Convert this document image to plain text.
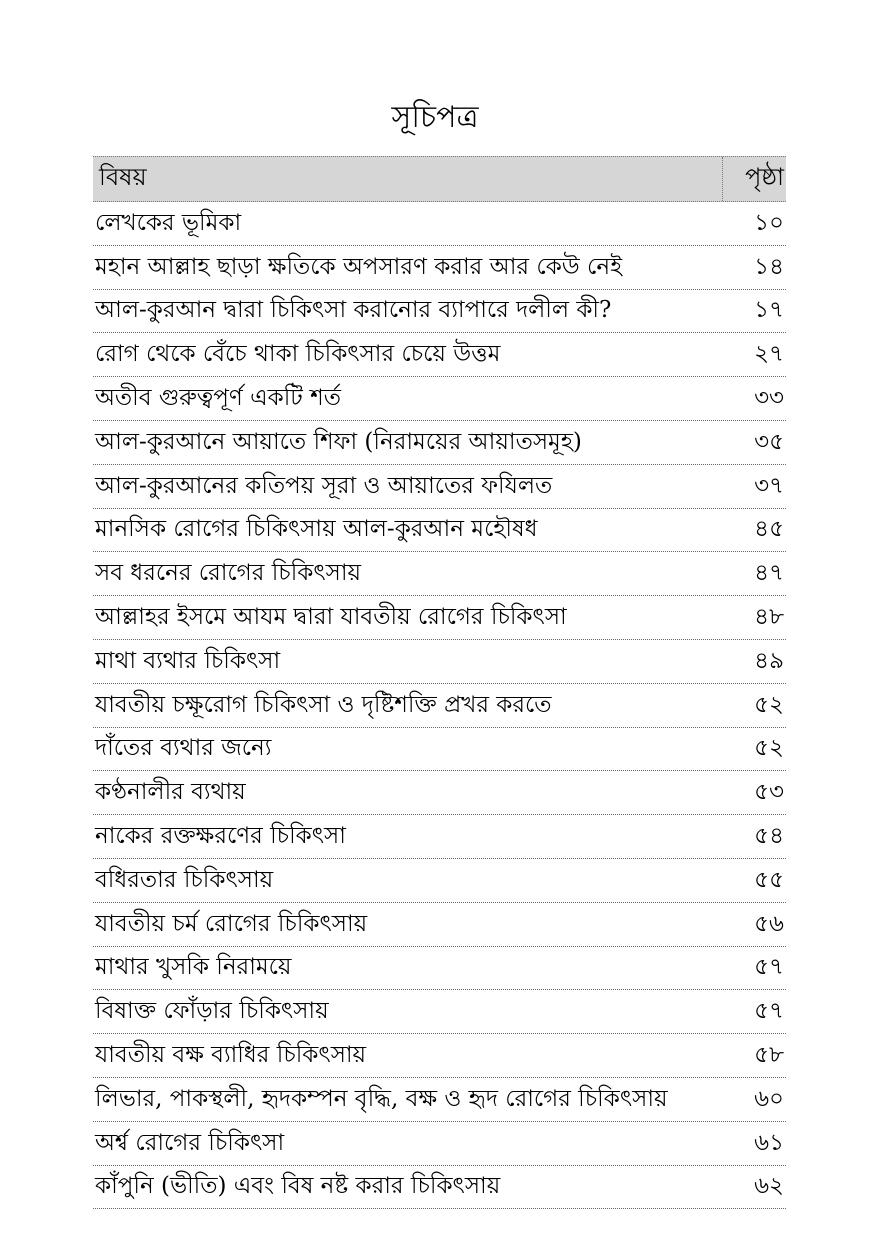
সূচিপত্র
বিষয়	পৃষ্ঠা
লেখকের ভূমিকা	১০
মহান আল্লাহ ছাড়া ক্ষতিকে অপসারণ করার আর কেউ নেই	১৪
আল-কুরআন দ্বারা চিকিৎসা করানোর ব্যাপারে দলীল কী?	১৭
রোগ থেকে বেঁচে থাকা চিকিৎসার চেয়ে উত্তম	২৭
অতীব গুরুত্বপূর্ণ একটি শর্ত	৩৩
আল-কুরআনে আয়াতে শিফা (নিরাময়ের আয়াতসমূহ)	৩৫
আল-কুরআনের কতিপয় সূরা ও আয়াতের ফযিলত	৩৭
মানসিক রোগের চিকিৎসায় আল-কুরআন মহৌষধ	৪৫
সব ধরনের রোগের চিকিৎসায়	৪৭
আল্লাহর ইসমে আযম দ্বারা যাবতীয় রোগের চিকিৎসা	৪৮
মাথা ব্যথার চিকিৎসা	৪৯
যাবতীয় চক্ষূরোগ চিকিৎসা ও দৃষ্টিশক্তি প্রখর করতে	৫২
দাঁতের ব্যথার জন্যে	৫২
কণ্ঠনালীর ব্যথায়	৫৩
নাকের রক্তক্ষরণের চিকিৎসা	৫৪
বধিরতার চিকিৎসায়	৫৫
যাবতীয় চর্ম রোগের চিকিৎসায়	৫৬
মাথার খুসকি নিরাময়ে	৫৭
বিষাক্ত ফোঁড়ার চিকিৎসায়	৫৭
যাবতীয় বক্ষ ব্যাধির চিকিৎসায়	৫৮
লিভার, পাকস্থলী, হৃদকম্পন বৃদ্ধি, বক্ষ ও হৃদ রোগের চিকিৎসায়	৬০
অর্শ্ব রোগের চিকিৎসা	৬১
কাঁপুনি (ভীতি) এবং বিষ নষ্ট করার চিকিৎসায়	৬২
